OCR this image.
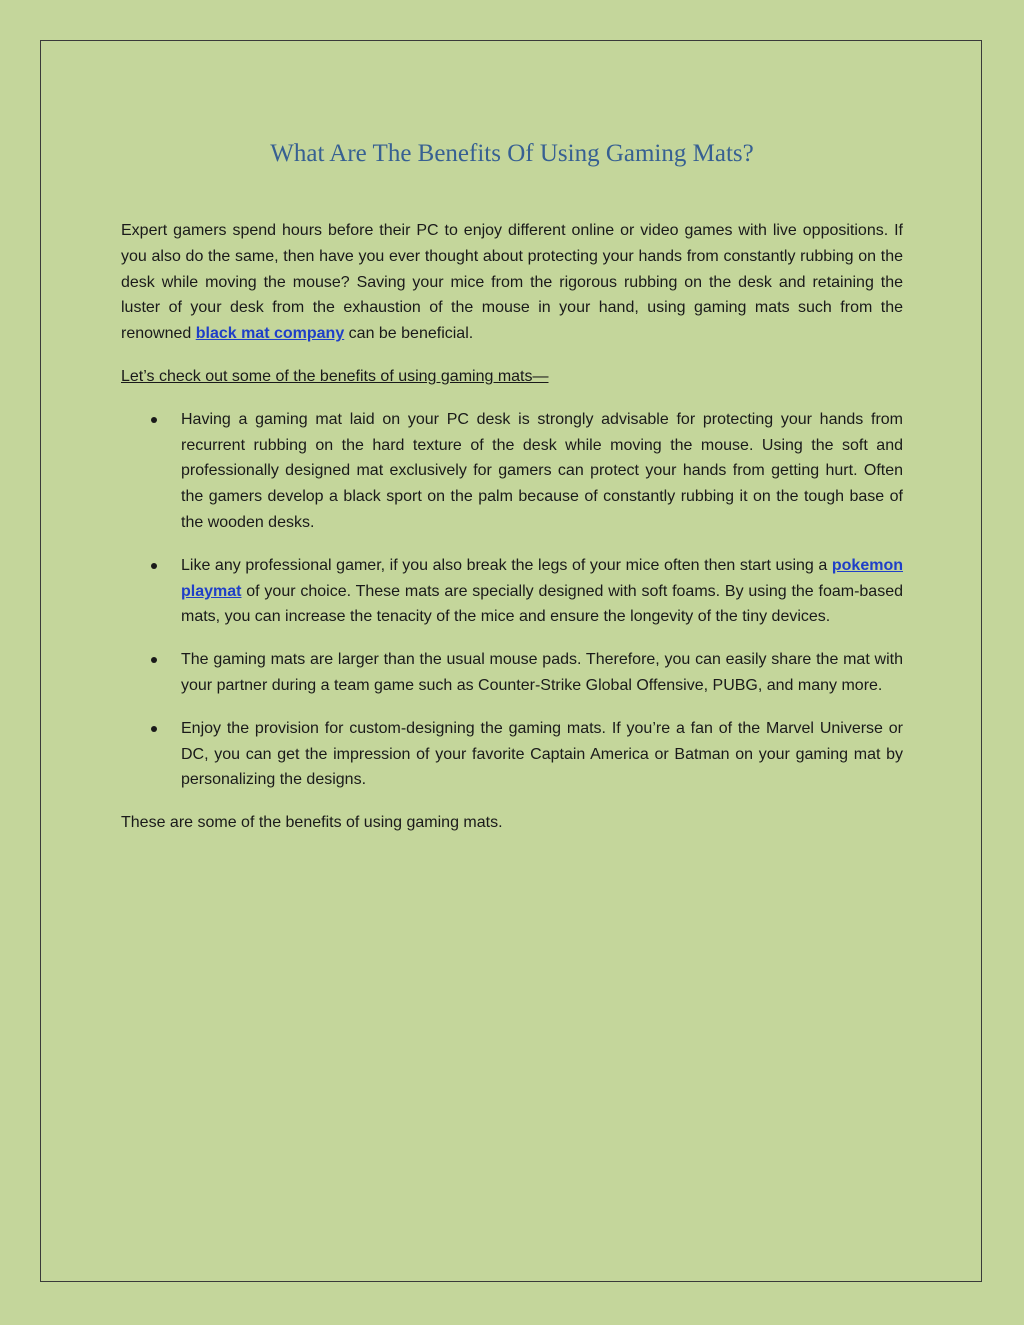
What Are The Benefits Of Using Gaming Mats?

Expert gamers spend hours before their PC to enjoy different online or video games with live oppositions. If you also do the same, then have you ever thought about protecting your hands from constantly rubbing on the desk while moving the mouse? Saving your mice from the rigorous rubbing on the desk and retaining the luster of your desk from the exhaustion of the mouse in your hand, using gaming mats such from the renowned black mat company can be beneficial.

Let’s check out some of the benefits of using gaming mats—

Having a gaming mat laid on your PC desk is strongly advisable for protecting your hands from recurrent rubbing on the hard texture of the desk while moving the mouse. Using the soft and professionally designed mat exclusively for gamers can protect your hands from getting hurt. Often the gamers develop a black sport on the palm because of constantly rubbing it on the tough base of the wooden desks.

Like any professional gamer, if you also break the legs of your mice often then start using a pokemon playmat of your choice. These mats are specially designed with soft foams. By using the foam-based mats, you can increase the tenacity of the mice and ensure the longevity of the tiny devices.

The gaming mats are larger than the usual mouse pads. Therefore, you can easily share the mat with your partner during a team game such as Counter-Strike Global Offensive, PUBG, and many more.

Enjoy the provision for custom-designing the gaming mats. If you’re a fan of the Marvel Universe or DC, you can get the impression of your favorite Captain America or Batman on your gaming mat by personalizing the designs.

These are some of the benefits of using gaming mats.
